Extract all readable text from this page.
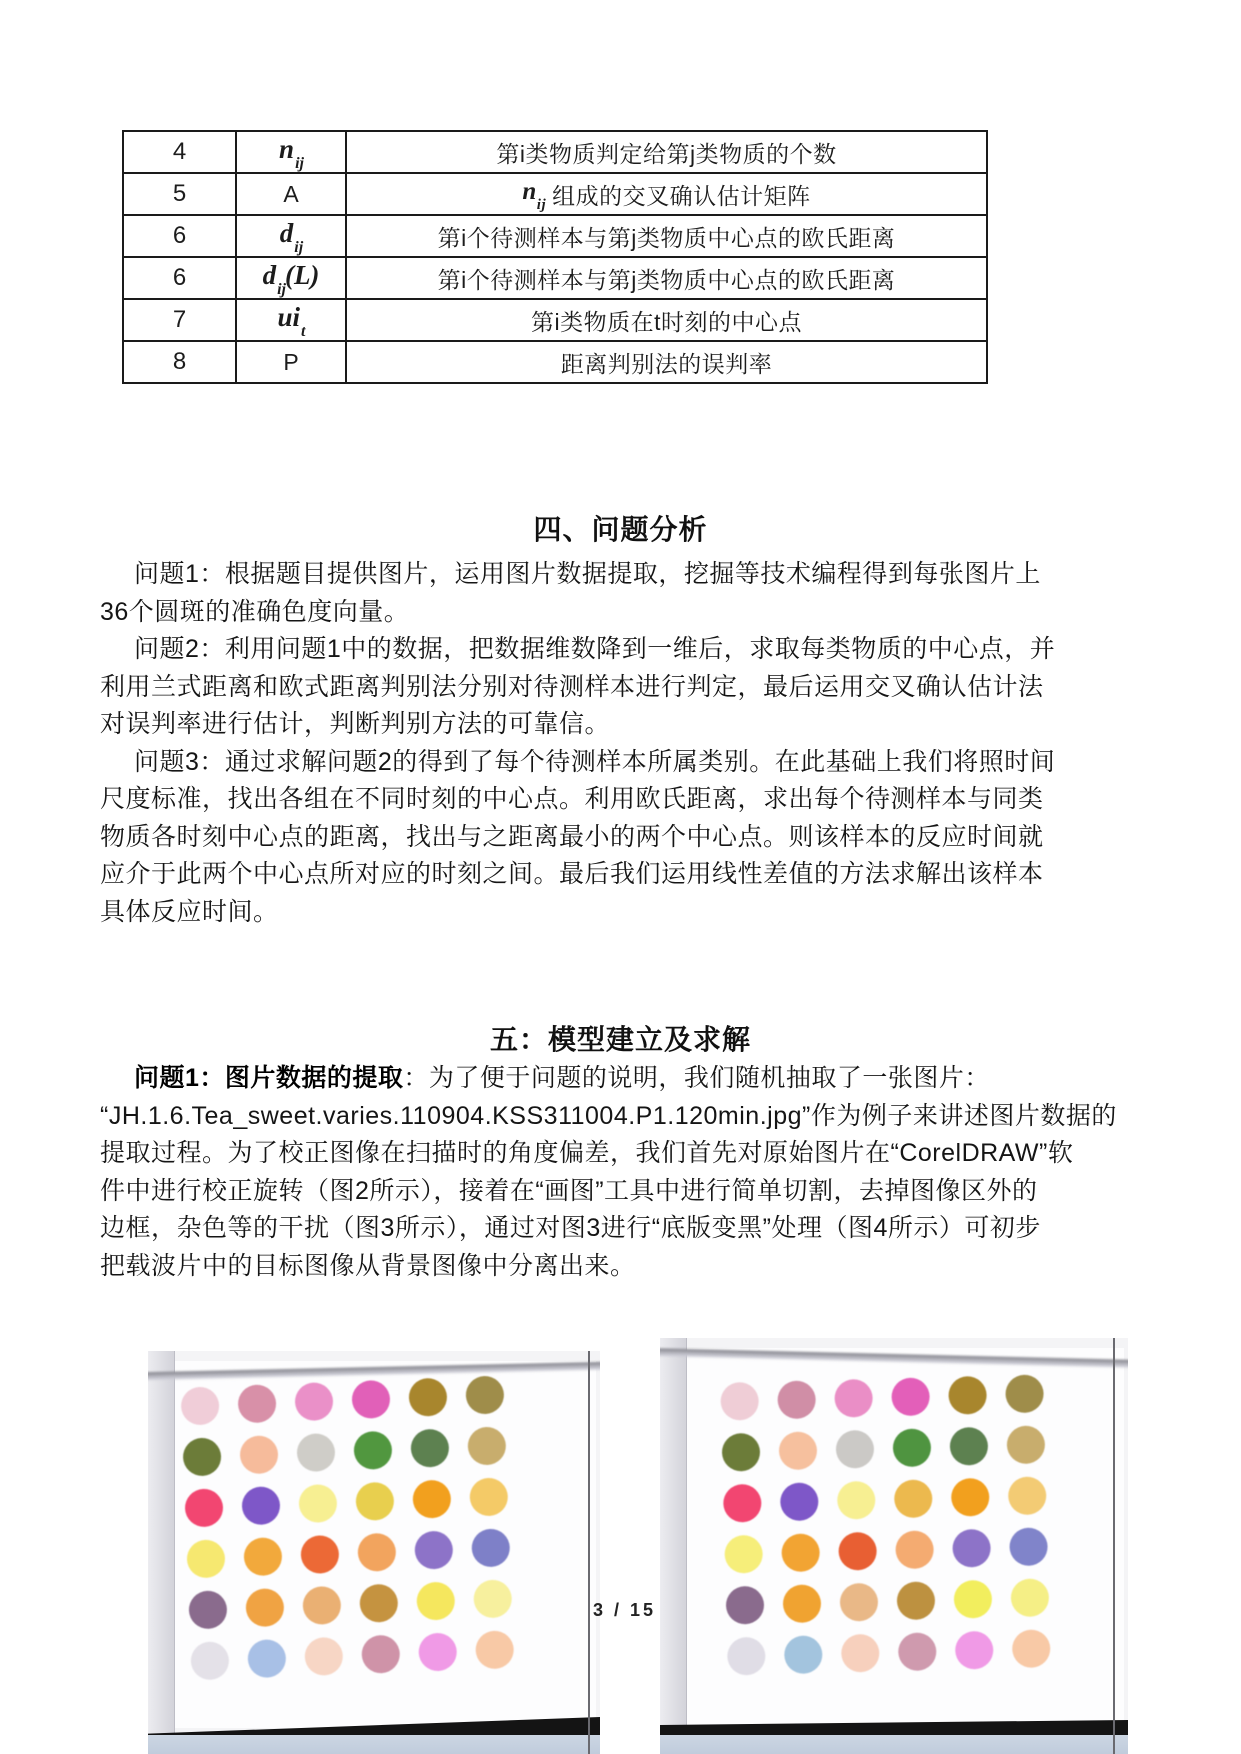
4	$n_{ij}$	第i类物质判定给第j类物质的个数
5	A	$n_{ij}$ 组成的交叉确认估计矩阵
6	$d_{ij}$	第i个待测样本与第j类物质中心点的欧氏距离
6	$d_{ij}(L)$	第i个待测样本与第j类物质中心点的欧氏距离
7	$ui_t$	第i类物质在t时刻的中心点
8	P	距离判别法的误判率
四、问题分析
问题1：根据题目提供图片，运用图片数据提取，挖掘等技术编程得到每张图片上
36个圆斑的准确色度向量。
问题2：利用问题1中的数据，把数据维数降到一维后，求取每类物质的中心点，并
利用兰式距离和欧式距离判别法分别对待测样本进行判定，最后运用交叉确认估计法
对误判率进行估计，判断判别方法的可靠信。
问题3：通过求解问题2的得到了每个待测样本所属类别。在此基础上我们将照时间
尺度标准，找出各组在不同时刻的中心点。利用欧氏距离，求出每个待测样本与同类
物质各时刻中心点的距离，找出与之距离最小的两个中心点。则该样本的反应时间就
应介于此两个中心点所对应的时刻之间。最后我们运用线性差值的方法求解出该样本
具体反应时间。
五：模型建立及求解
问题1：图片数据的提取：为了便于问题的说明，我们随机抽取了一张图片：
“JH.1.6.Tea_sweet.varies.110904.KSS311004.P1.120min.jpg”作为例子来讲述图片数据的
提取过程。为了校正图像在扫描时的角度偏差，我们首先对原始图片在“CorelDRAW”软
件中进行校正旋转（图2所示），接着在“画图”工具中进行简单切割，去掉图像区外的
边框，杂色等的干扰（图3所示），通过对图3进行“底版变黑”处理（图4所示）可初步
把载波片中的目标图像从背景图像中分离出来。
3 / 15
